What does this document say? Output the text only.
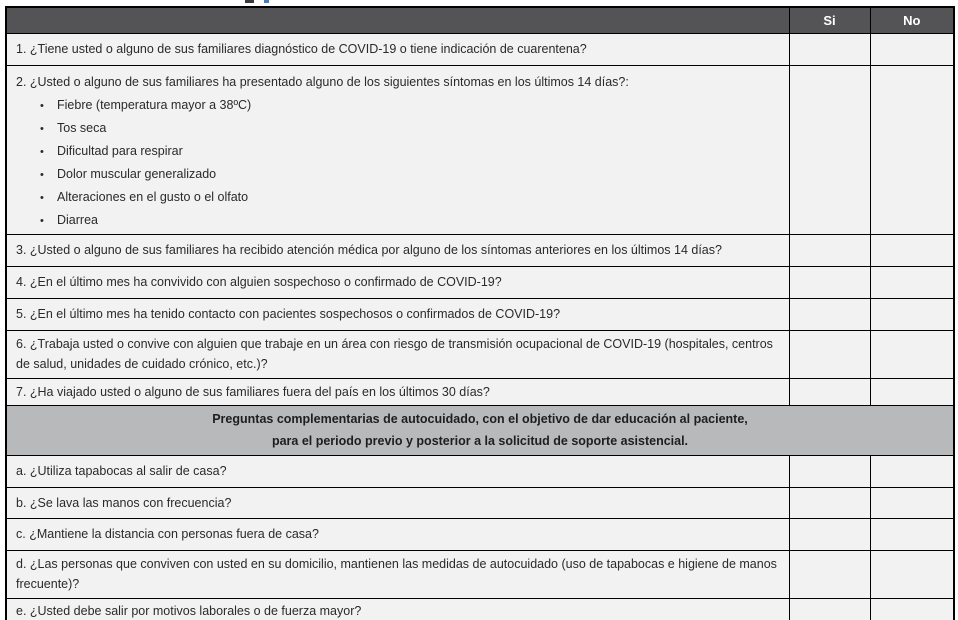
	Si	No
1. ¿Tiene usted o alguno de sus familiares diagnóstico de COVID-19 o tiene indicación de cuarentena?		

2. ¿Usted o alguno de sus familiares ha presentado alguno de los siguientes síntomas en los últimos 14 días?:
•	Fiebre (temperatura mayor a 38ºC)
•	Tos seca
•	Dificultad para respirar
•	Dolor muscular generalizado
•	Alteraciones en el gusto o el olfato
•	Diarrea

3. ¿Usted o alguno de sus familiares ha recibido atención médica por alguno de los síntomas anteriores en los últimos 14 días?		
4. ¿En el último mes ha convivido con alguien sospechoso o confirmado de COVID-19?		
5. ¿En el último mes ha tenido contacto con pacientes sospechosos o confirmados de COVID-19?		
6. ¿Trabaja usted o convive con alguien que trabaje en un área con riesgo de transmisión ocupacional de COVID-19 (hospitales, centros de salud, unidades de cuidado crónico, etc.)?		
7. ¿Ha viajado usted o alguno de sus familiares fuera del país en los últimos 30 días?		

Preguntas complementarias de autocuidado, con el objetivo de dar educación al paciente,
para el periodo previo y posterior a la solicitud de soporte asistencial.		

a. ¿Utiliza tapabocas al salir de casa?		
b. ¿Se lava las manos con frecuencia?		
c. ¿Mantiene la distancia con personas fuera de casa?		
d. ¿Las personas que conviven con usted en su domicilio, mantienen las medidas de autocuidado (uso de tapabocas e higiene de manos frecuente)?		
e. ¿Usted debe salir por motivos laborales o de fuerza mayor?		
